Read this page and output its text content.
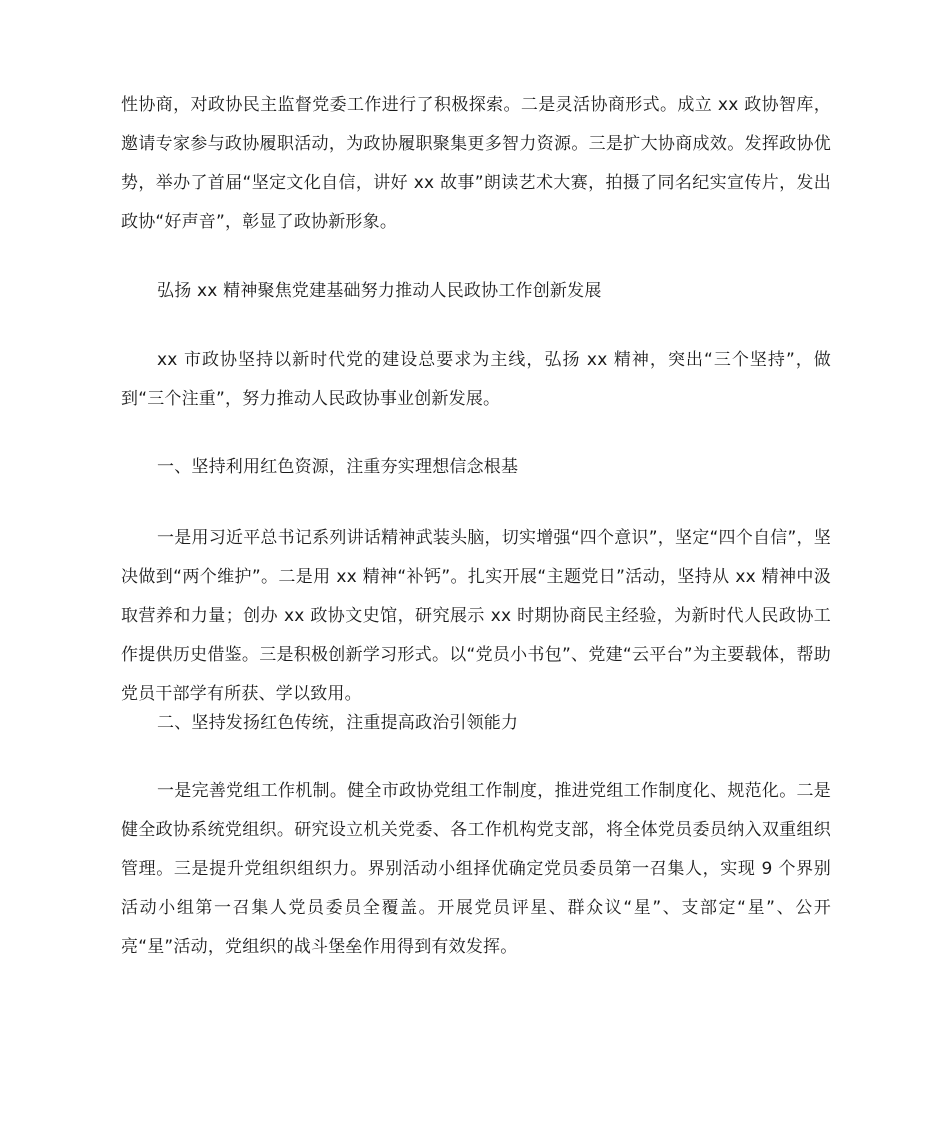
性协商，对政协民主监督党委工作进行了积极探索。二是灵活协商形式。成立 xx 政协智库，邀请专家参与政协履职活动，为政协履职聚集更多智力资源。三是扩大协商成效。发挥政协优势，举办了首届“坚定文化自信，讲好 xx 故事”朗读艺术大赛，拍摄了同名纪实宣传片，发出政协“好声音”，彰显了政协新形象。

弘扬 xx 精神聚焦党建基础努力推动人民政协工作创新发展

xx 市政协坚持以新时代党的建设总要求为主线，弘扬 xx 精神，突出“三个坚持”，做到“三个注重”，努力推动人民政协事业创新发展。

一、坚持利用红色资源，注重夯实理想信念根基

一是用习近平总书记系列讲话精神武装头脑，切实增强“四个意识”，坚定“四个自信”，坚决做到“两个维护”。二是用 xx 精神“补钙”。扎实开展“主题党日”活动，坚持从 xx 精神中汲取营养和力量；创办 xx 政协文史馆，研究展示 xx 时期协商民主经验，为新时代人民政协工作提供历史借鉴。三是积极创新学习形式。以“党员小书包”、党建“云平台”为主要载体，帮助党员干部学有所获、学以致用。

二、坚持发扬红色传统，注重提高政治引领能力

一是完善党组工作机制。健全市政协党组工作制度，推进党组工作制度化、规范化。二是健全政协系统党组织。研究设立机关党委、各工作机构党支部，将全体党员委员纳入双重组织管理。三是提升党组织组织力。界别活动小组择优确定党员委员第一召集人，实现 9 个界别活动小组第一召集人党员委员全覆盖。开展党员评星、群众议“星”、支部定“星”、公开亮“星”活动，党组织的战斗堡垒作用得到有效发挥。
